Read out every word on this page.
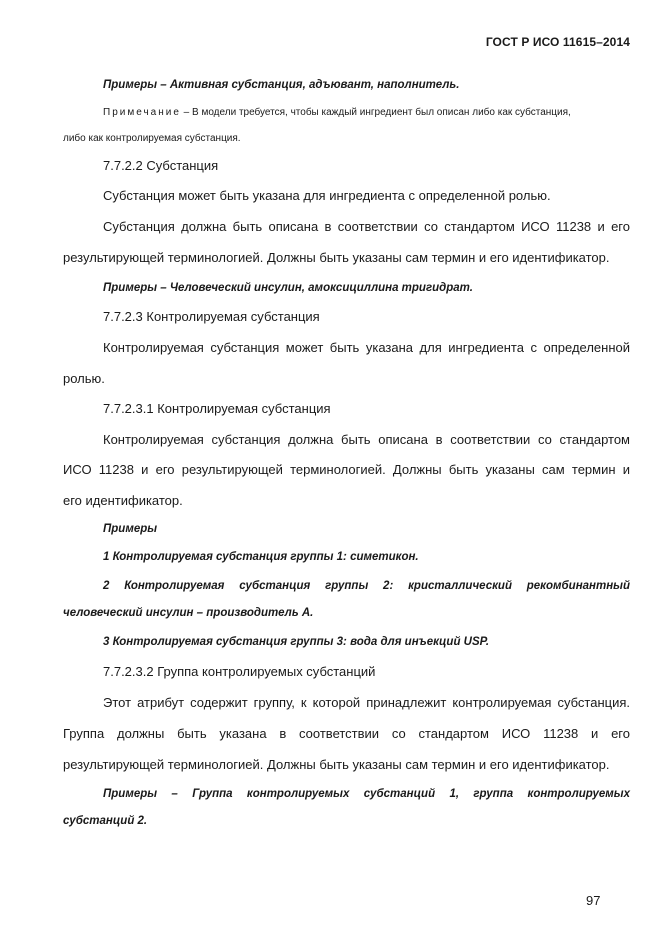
ГОСТ Р ИСО 11615–2014
Примеры – Активная субстанция, адъювант, наполнитель.
Примечание – В модели требуется, чтобы каждый ингредиент был описан либо как субстанция,
либо как контролируемая субстанция.
7.7.2.2 Субстанция
Субстанция может быть указана для ингредиента с определенной ролью.
Субстанция должна быть описана в соответствии со стандартом ИСО 11238 и его
результирующей терминологией. Должны быть указаны сам термин и его идентификатор.
Примеры – Человеческий инсулин, амоксициллина тригидрат.
7.7.2.3 Контролируемая субстанция
Контролируемая субстанция может быть указана для ингредиента с определенной
ролью.
7.7.2.3.1 Контролируемая субстанция
Контролируемая субстанция должна быть описана в соответствии со стандартом
ИСО 11238 и его результирующей терминологией. Должны быть указаны сам термин и
его идентификатор.
Примеры
1 Контролируемая субстанция группы 1: симетикон.
2 Контролируемая субстанция группы 2: кристаллический рекомбинантный
человеческий инсулин – производитель А.
3 Контролируемая субстанция группы 3: вода для инъекций USP.
7.7.2.3.2 Группа контролируемых субстанций
Этот атрибут содержит группу, к которой принадлежит контролируемая субстанция.
Группа должны быть указана в соответствии со стандартом ИСО 11238 и его
результирующей терминологией. Должны быть указаны сам термин и его идентификатор.
Примеры – Группа контролируемых субстанций 1, группа контролируемых
субстанций 2.
97
